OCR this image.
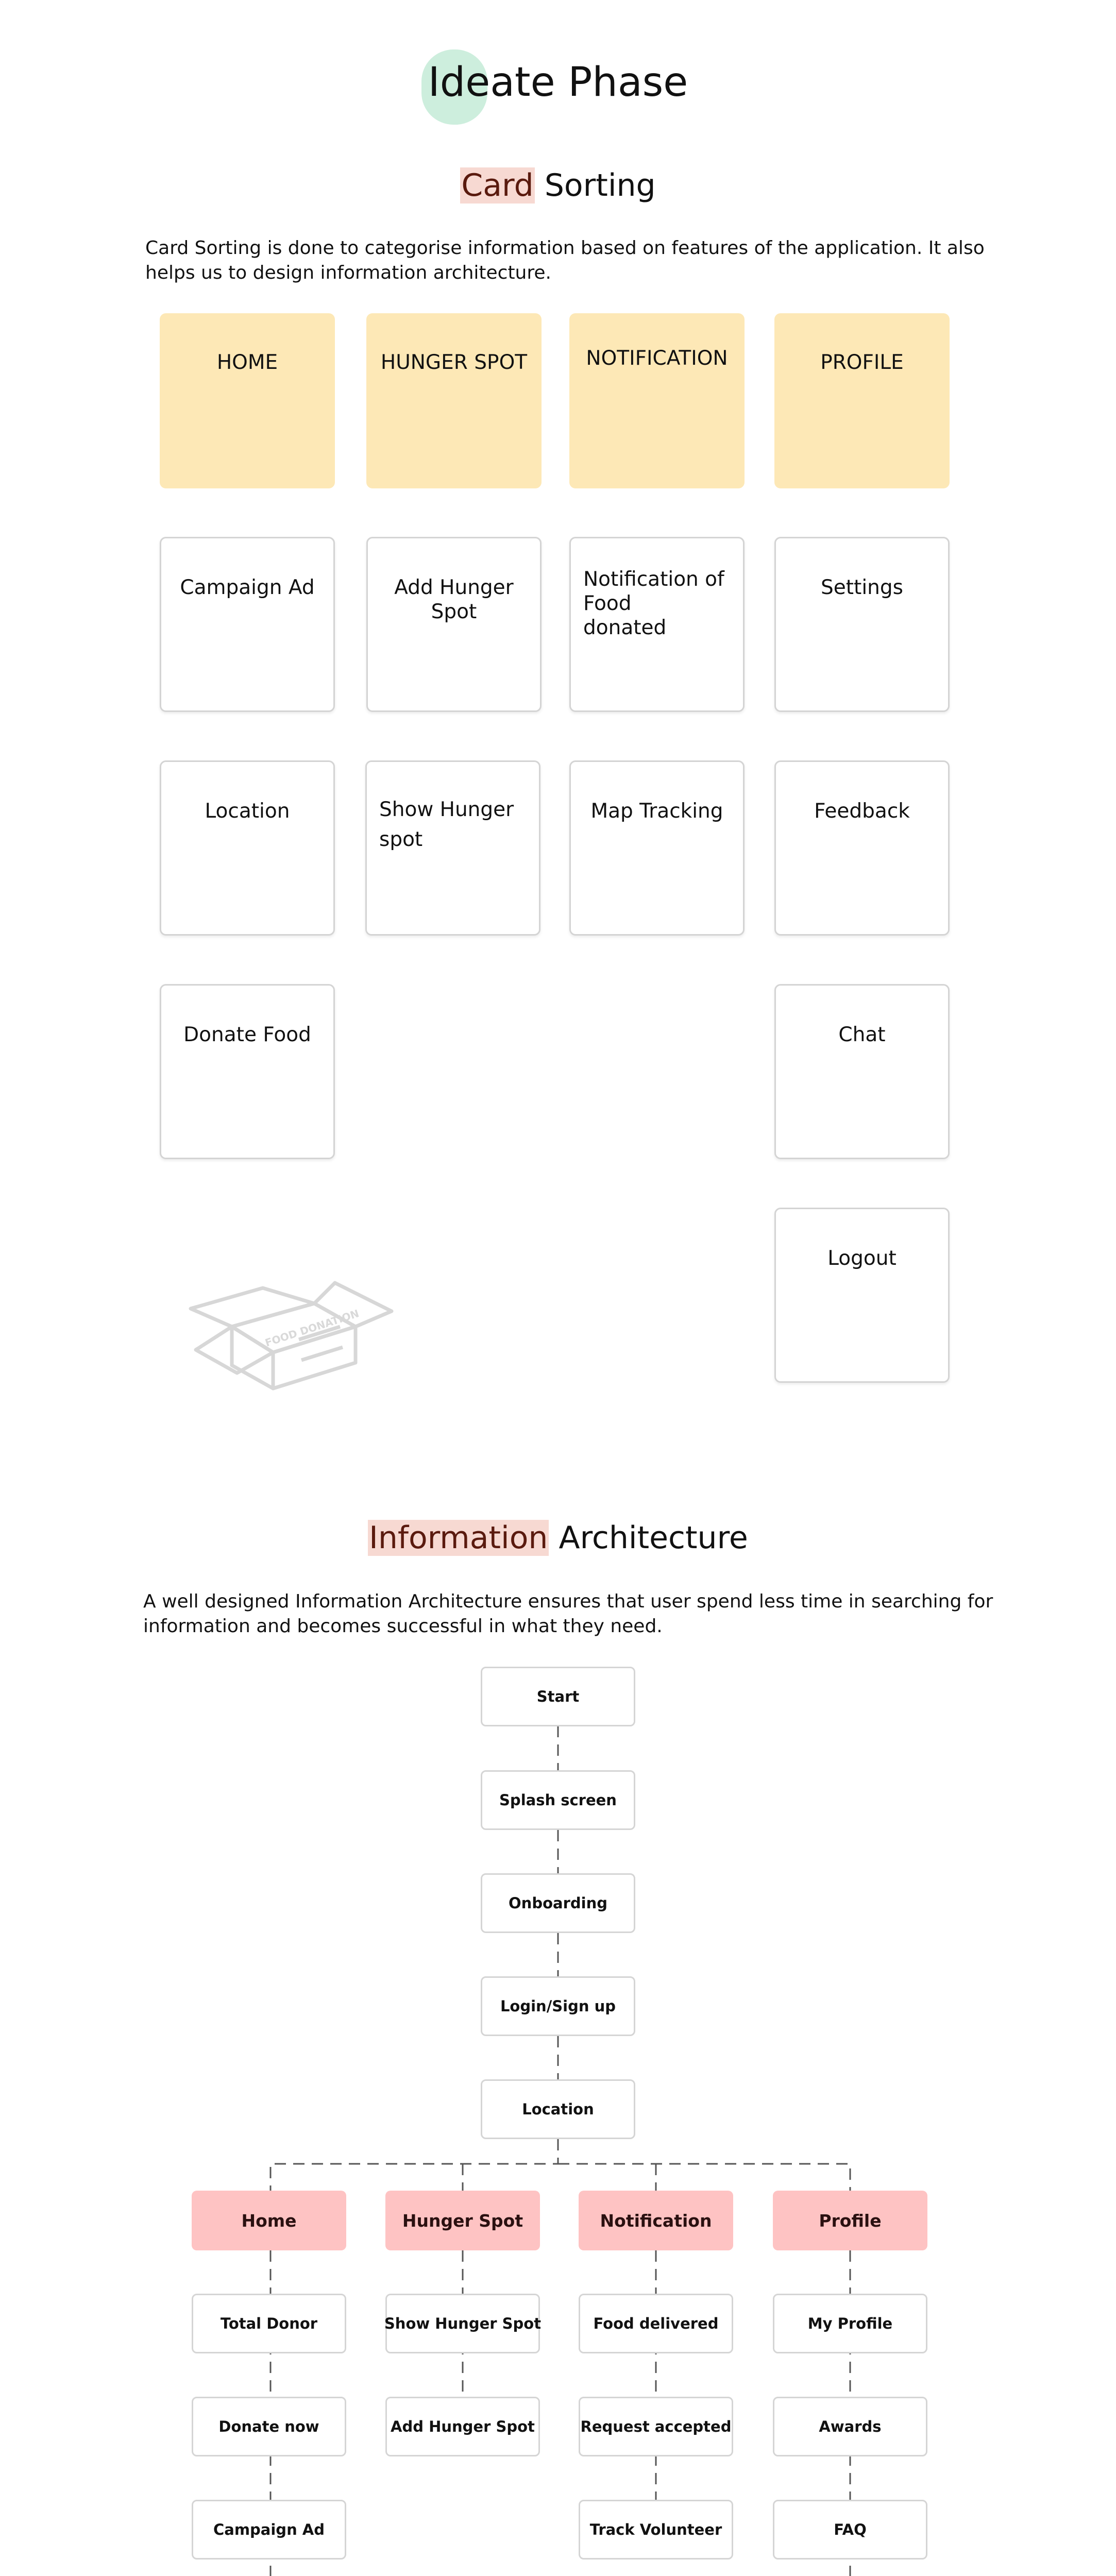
Ideate Phase
Card Sorting

Card Sorting is done to categorise information based on features of the application. It also

helps us to design information architecture.

HOME	HUNGER SPOT	NOTIFICATION	PROFILE
Campaign Ad	Add Hunger Spot
Notification of
Food
donated
Settings
Location	Show Hunger
spot
Map Tracking	Feedback
Donate Food	Chat
Logout
FOOD DONATION
Information Architecture

A well designed Information Architecture ensures that user spend less time in searching for

information and becomes successful in what they need.

Start
Splash screen
Onboarding
Login/Sign up
Location
Home	Hunger Spot	Notification	Profile
Total Donor
Donate now
Campaign Ad
Show Hunger Spot
Add Hunger Spot
Food delivered
Request accepted
Track Volunteer
My Profile
Awards
FAQ
